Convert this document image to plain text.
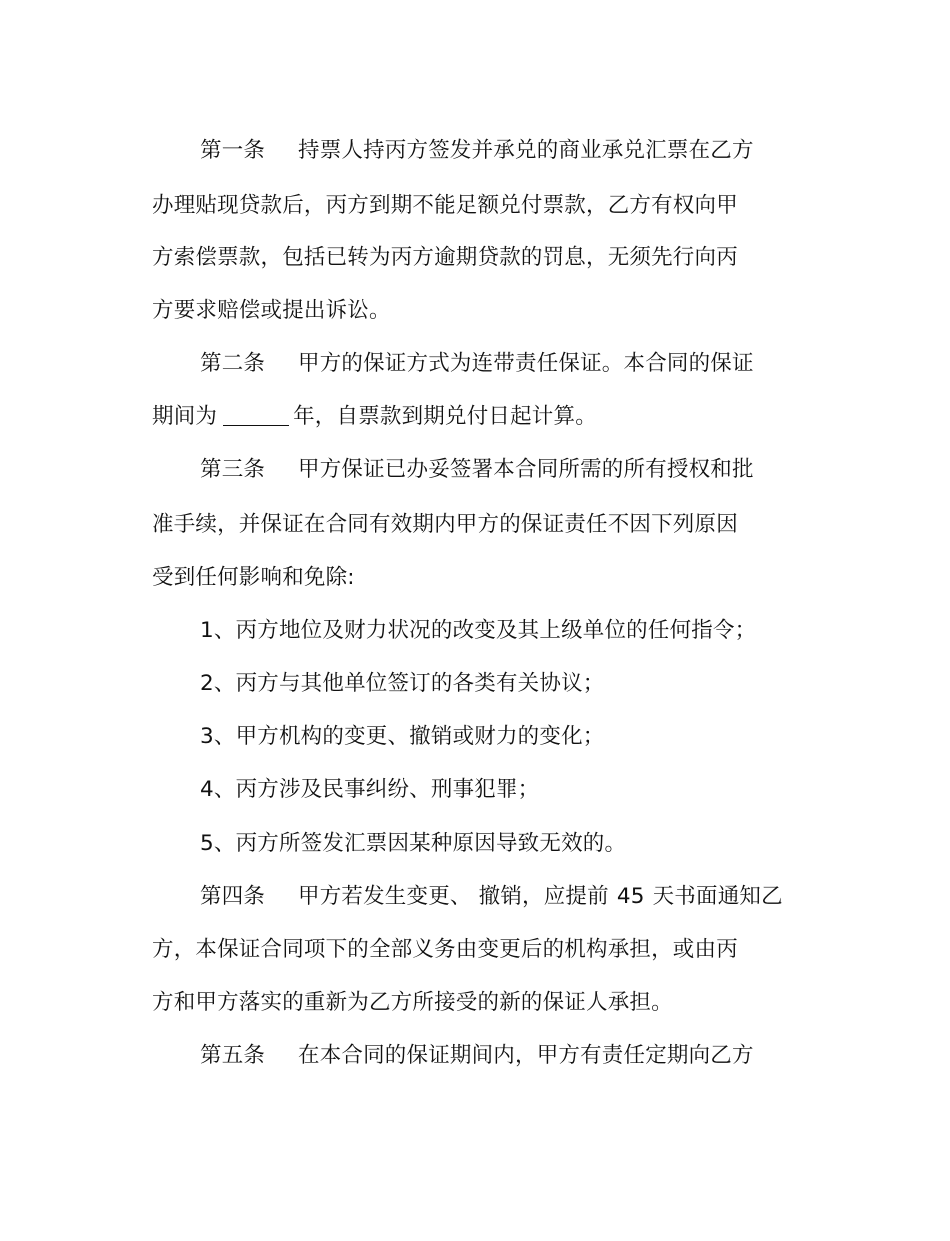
第一条 持票人持丙方签发并承兑的商业承兑汇票在乙方
办理贴现贷款后，丙方到期不能足额兑付票款，乙方有权向甲
方索偿票款，包括已转为丙方逾期贷款的罚息，无须先行向丙
方要求赔偿或提出诉讼。
第二条 甲方的保证方式为连带责任保证。本合同的保证
期间为	年，自票款到期兑付日起计算。
第三条 甲方保证已办妥签署本合同所需的所有授权和批
准手续，并保证在合同有效期内甲方的保证责任不因下列原因
受到任何影响和免除:
1、丙方地位及财力状况的改变及其上级单位的任何指令；
2、丙方与其他单位签订的各类有关协议；
3、甲方机构的变更、撤销或财力的变化；
4、丙方涉及民事纠纷、刑事犯罪；
5、丙方所签发汇票因某种原因导致无效的。
第四条 甲方若发生变更、 撤销，应提前 45 天书面通知乙
方，本保证合同项下的全部义务由变更后的机构承担，或由丙
方和甲方落实的重新为乙方所接受的新的保证人承担。
第五条 在本合同的保证期间内，甲方有责任定期向乙方
